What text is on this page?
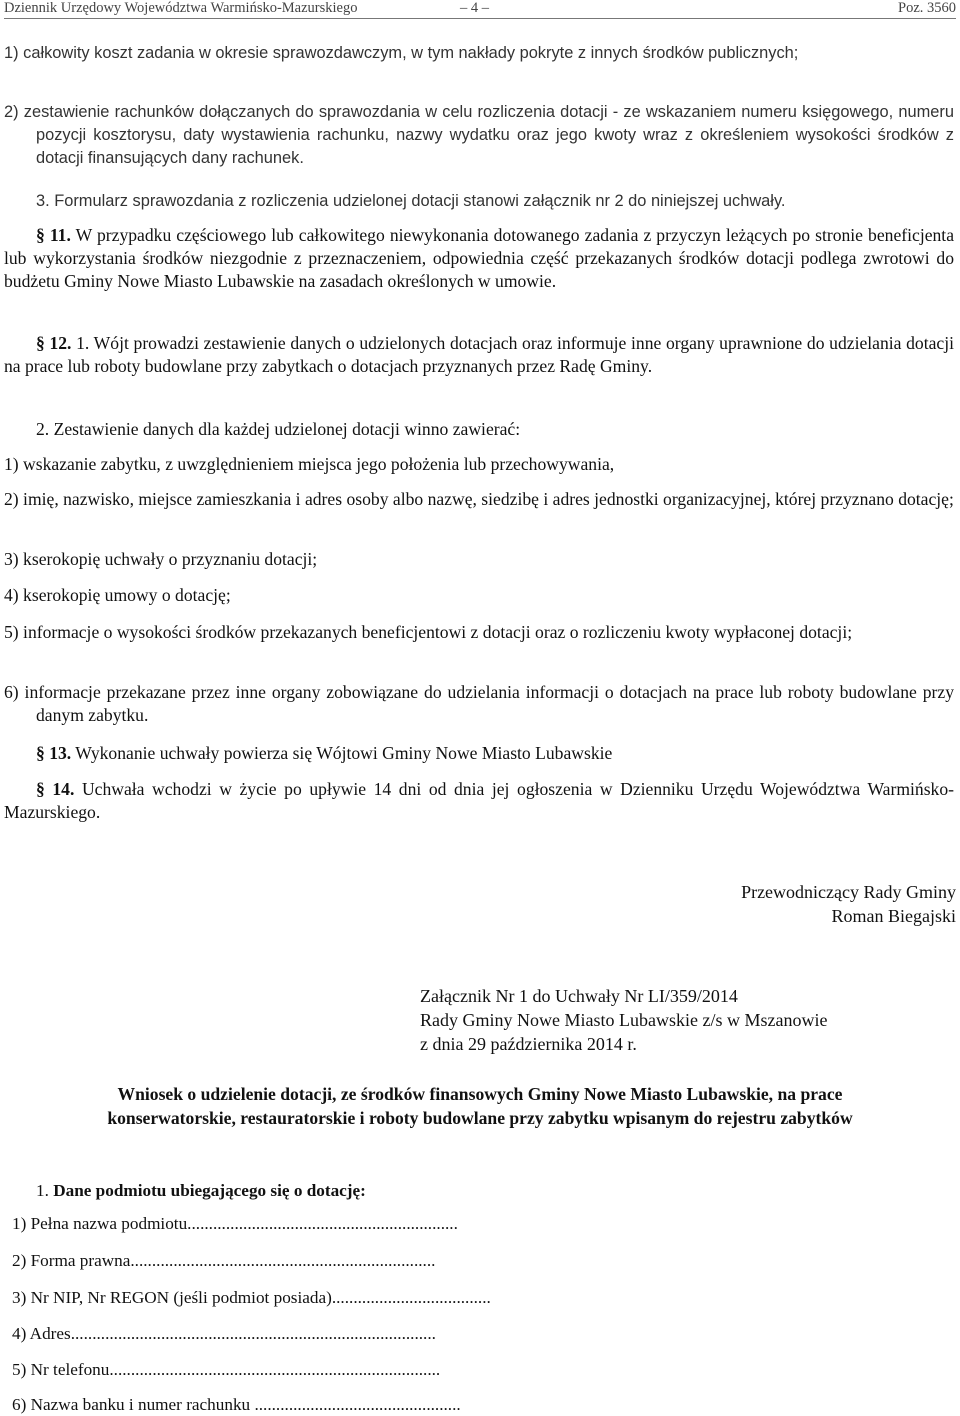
Dziennik Urzędowy Województwa Warmińsko-Mazurskiego	– 4 –	Poz. 3560
1) całkowity koszt zadania w okresie sprawozdawczym, w tym nakłady pokryte z innych środków publicznych;
2) zestawienie rachunków dołączanych do sprawozdania w celu rozliczenia dotacji - ze wskazaniem numeru księgowego, numeru pozycji kosztorysu, daty wystawienia rachunku, nazwy wydatku oraz jego kwoty wraz z określeniem wysokości środków z dotacji finansujących dany rachunek.
3. Formularz sprawozdania z rozliczenia udzielonej dotacji stanowi załącznik nr 2 do niniejszej uchwały.
§ 11. W przypadku częściowego lub całkowitego niewykonania dotowanego zadania z przyczyn leżących po stronie beneficjenta lub wykorzystania środków niezgodnie z przeznaczeniem, odpowiednia część przekazanych środków dotacji podlega zwrotowi do budżetu Gminy Nowe Miasto Lubawskie na zasadach określonych w umowie.
§ 12. 1. Wójt prowadzi zestawienie danych o udzielonych dotacjach oraz informuje inne organy uprawnione do udzielania dotacji na prace lub roboty budowlane przy zabytkach o dotacjach przyznanych przez Radę Gminy.
2. Zestawienie danych dla każdej udzielonej dotacji winno zawierać:
1) wskazanie zabytku, z uwzględnieniem miejsca jego położenia lub przechowywania,
2) imię, nazwisko, miejsce zamieszkania i adres osoby albo nazwę, siedzibę i adres jednostki organizacyjnej, której przyznano dotację;
3) kserokopię uchwały o przyznaniu dotacji;
4) kserokopię umowy o dotację;
5) informacje o wysokości środków przekazanych beneficjentowi z dotacji oraz o rozliczeniu kwoty wypłaconej dotacji;
6) informacje przekazane przez inne organy zobowiązane do udzielania informacji o dotacjach na prace lub roboty budowlane przy danym zabytku.
§ 13. Wykonanie uchwały powierza się Wójtowi Gminy Nowe Miasto Lubawskie
§ 14. Uchwała wchodzi w życie po upływie 14 dni od dnia jej ogłoszenia w Dzienniku Urzędu Województwa Warmińsko-Mazurskiego.
Przewodniczący Rady Gminy
Roman Biegajski
Załącznik Nr 1 do Uchwały Nr LI/359/2014
Rady Gminy Nowe Miasto Lubawskie z/s w Mszanowie
z dnia 29 października 2014 r.
Wniosek o udzielenie dotacji, ze środków finansowych Gminy Nowe Miasto Lubawskie, na prace
konserwatorskie, restauratorskie i roboty budowlane przy zabytku wpisanym do rejestru zabytków
1. Dane podmiotu ubiegającego się o dotację:
1) Pełna nazwa podmiotu...............................................................
2) Forma prawna.......................................................................
3) Nr NIP, Nr REGON (jeśli podmiot posiada).....................................
4) Adres.....................................................................................
5) Nr telefonu.............................................................................
6) Nazwa banku i numer rachunku ................................................
